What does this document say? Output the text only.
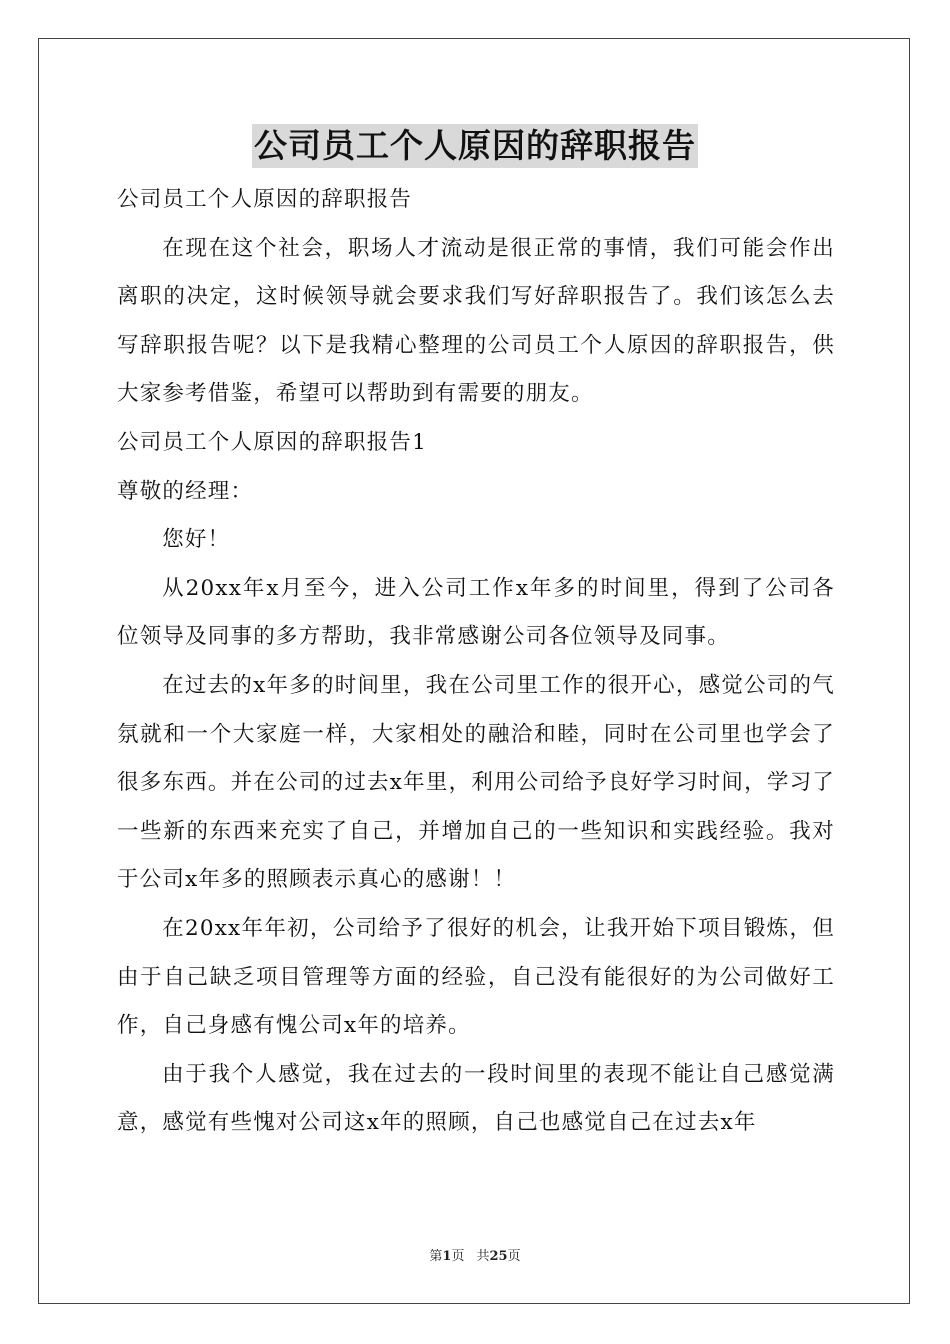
公司员工个人原因的辞职报告

公司员工个人原因的辞职报告

在现在这个社会，职场人才流动是很正常的事情，我们可能会作出离职的决定，这时候领导就会要求我们写好辞职报告了。我们该怎么去写辞职报告呢？以下是我精心整理的公司员工个人原因的辞职报告，供大家参考借鉴，希望可以帮助到有需要的朋友。

公司员工个人原因的辞职报告1

尊敬的经理：

您好！

从20xx年x月至今，进入公司工作x年多的时间里，得到了公司各位领导及同事的多方帮助，我非常感谢公司各位领导及同事。

在过去的x年多的时间里，我在公司里工作的很开心，感觉公司的气氛就和一个大家庭一样，大家相处的融洽和睦，同时在公司里也学会了很多东西。并在公司的过去x年里，利用公司给予良好学习时间，学习了一些新的东西来充实了自己，并增加自己的一些知识和实践经验。我对于公司x年多的照顾表示真心的感谢！！

在20xx年年初，公司给予了很好的机会，让我开始下项目锻炼，但由于自己缺乏项目管理等方面的经验，自己没有能很好的为公司做好工作，自己身感有愧公司x年的培养。

由于我个人感觉，我在过去的一段时间里的表现不能让自己感觉满意，感觉有些愧对公司这x年的照顾，自己也感觉自己在过去x年

第1页 共25页
